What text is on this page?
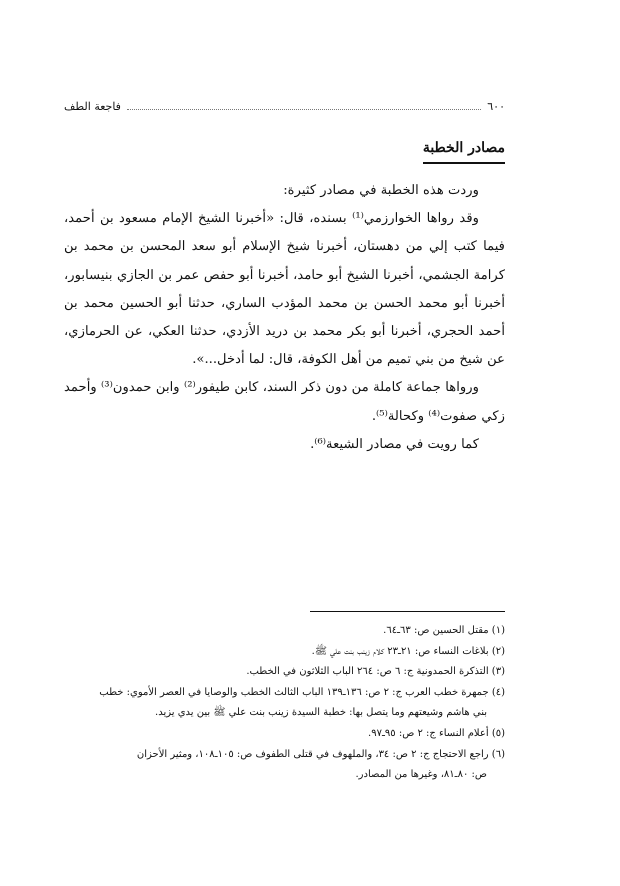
٦٠٠
فاجعة الطف
مصادر الخطبة

وردت هذه الخطبة في مصادر كثيرة:

وقد رواها الخوارزمي⁽¹⁾ بسنده، قال: «أخبرنا الشيخ الإمام مسعود بن أحمد، فيما كتب إلي من دهستان، أخبرنا شيخ الإسلام أبو سعد المحسن بن محمد بن كرامة الجشمي، أخبرنا الشيخ أبو حامد، أخبرنا أبو حفص عمر بن الجازي بنيسابور، أخبرنا أبو محمد الحسن بن محمد المؤدب الساري، حدثنا أبو الحسين محمد بن أحمد الحجري، أخبرنا أبو بكر محمد بن دريد الأزدي، حدثنا العكي، عن الحرمازي، عن شيخ من بني تميم من أهل الكوفة، قال: لما أدخل...».

ورواها جماعة كاملة من دون ذكر السند، كابن طيفور⁽²⁾ وابن حمدون⁽³⁾ وأحمد زكي صفوت⁽⁴⁾ وكحالة⁽⁵⁾.

كما رويت في مصادر الشيعة⁽⁶⁾.

(١) مقتل الحسين ص: ٦٣ـ٦٤.

(٢) بلاغات النساء ص: ٢١ـ٢٣ كلام زينب بنت علي ﷺ.

(٣) التذكرة الحمدونية ج: ٦ ص: ٢٦٤ الباب الثلاثون في الخطب.

(٤) جمهرة خطب العرب ج: ٢ ص: ١٣٦ـ١٣٩ الباب الثالث الخطب والوصايا في العصر الأموي: خطب

بني هاشم وشيعتهم وما يتصل بها: خطبة السيدة زينب بنت علي ﷺ بين يدي يزيد.

(٥) أعلام النساء ج: ٢ ص: ٩٥ـ٩٧.

(٦) راجع الاحتجاج ج: ٢ ص: ٣٤، والملهوف في قتلى الطفوف ص: ١٠٥ـ١٠٨، ومثير الأحزان

ص: ٨٠ـ٨١، وغيرها من المصادر.
